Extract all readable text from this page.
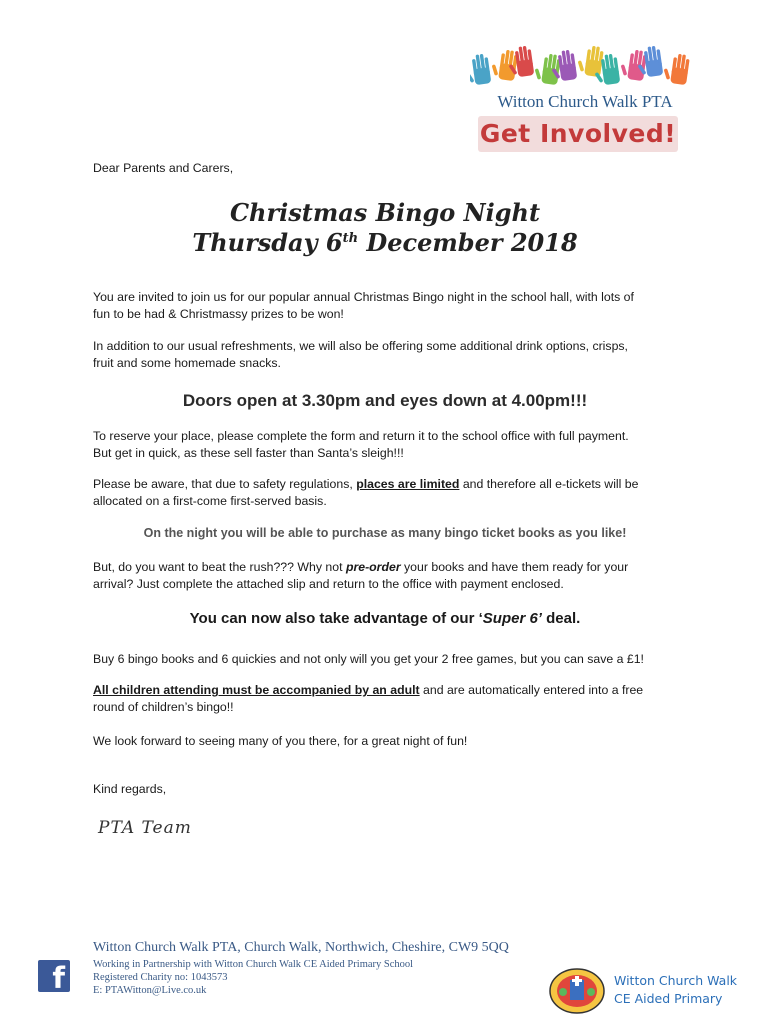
Witton Church Walk PTA
Get Involved!
Dear Parents and Carers,
Christmas Bingo Night
Thursday 6th December 2018
You are invited to join us for our popular annual Christmas Bingo night in the school hall, with lots of
fun to be had & Christmassy prizes to be won!
In addition to our usual refreshments, we will also be offering some additional drink options, crisps,
fruit and some homemade snacks.
Doors open at 3.30pm and eyes down at 4.00pm!!!
To reserve your place, please complete the form and return it to the school office with full payment.
But get in quick, as these sell faster than Santa’s sleigh!!!
Please be aware, that due to safety regulations, places are limited and therefore all e-tickets will be
allocated on a first-come first-served basis.
On the night you will be able to purchase as many bingo ticket books as you like!
But, do you want to beat the rush??? Why not pre-order your books and have them ready for your
arrival? Just complete the attached slip and return to the office with payment enclosed.
You can now also take advantage of our ‘Super 6’ deal.
Buy 6 bingo books and 6 quickies and not only will you get your 2 free games, but you can save a £1!
All children attending must be accompanied by an adult and are automatically entered into a free
round of children’s bingo!!
We look forward to seeing many of you there, for a great night of fun!
Kind regards,
PTA Team
Witton Church Walk PTA, Church Walk, Northwich, Cheshire, CW9 5QQ
Working in Partnership with Witton Church Walk CE Aided Primary School
Registered Charity no: 1043573
E: PTAWitton@Live.co.uk
f	Witton Church Walk
CE Aided Primary
